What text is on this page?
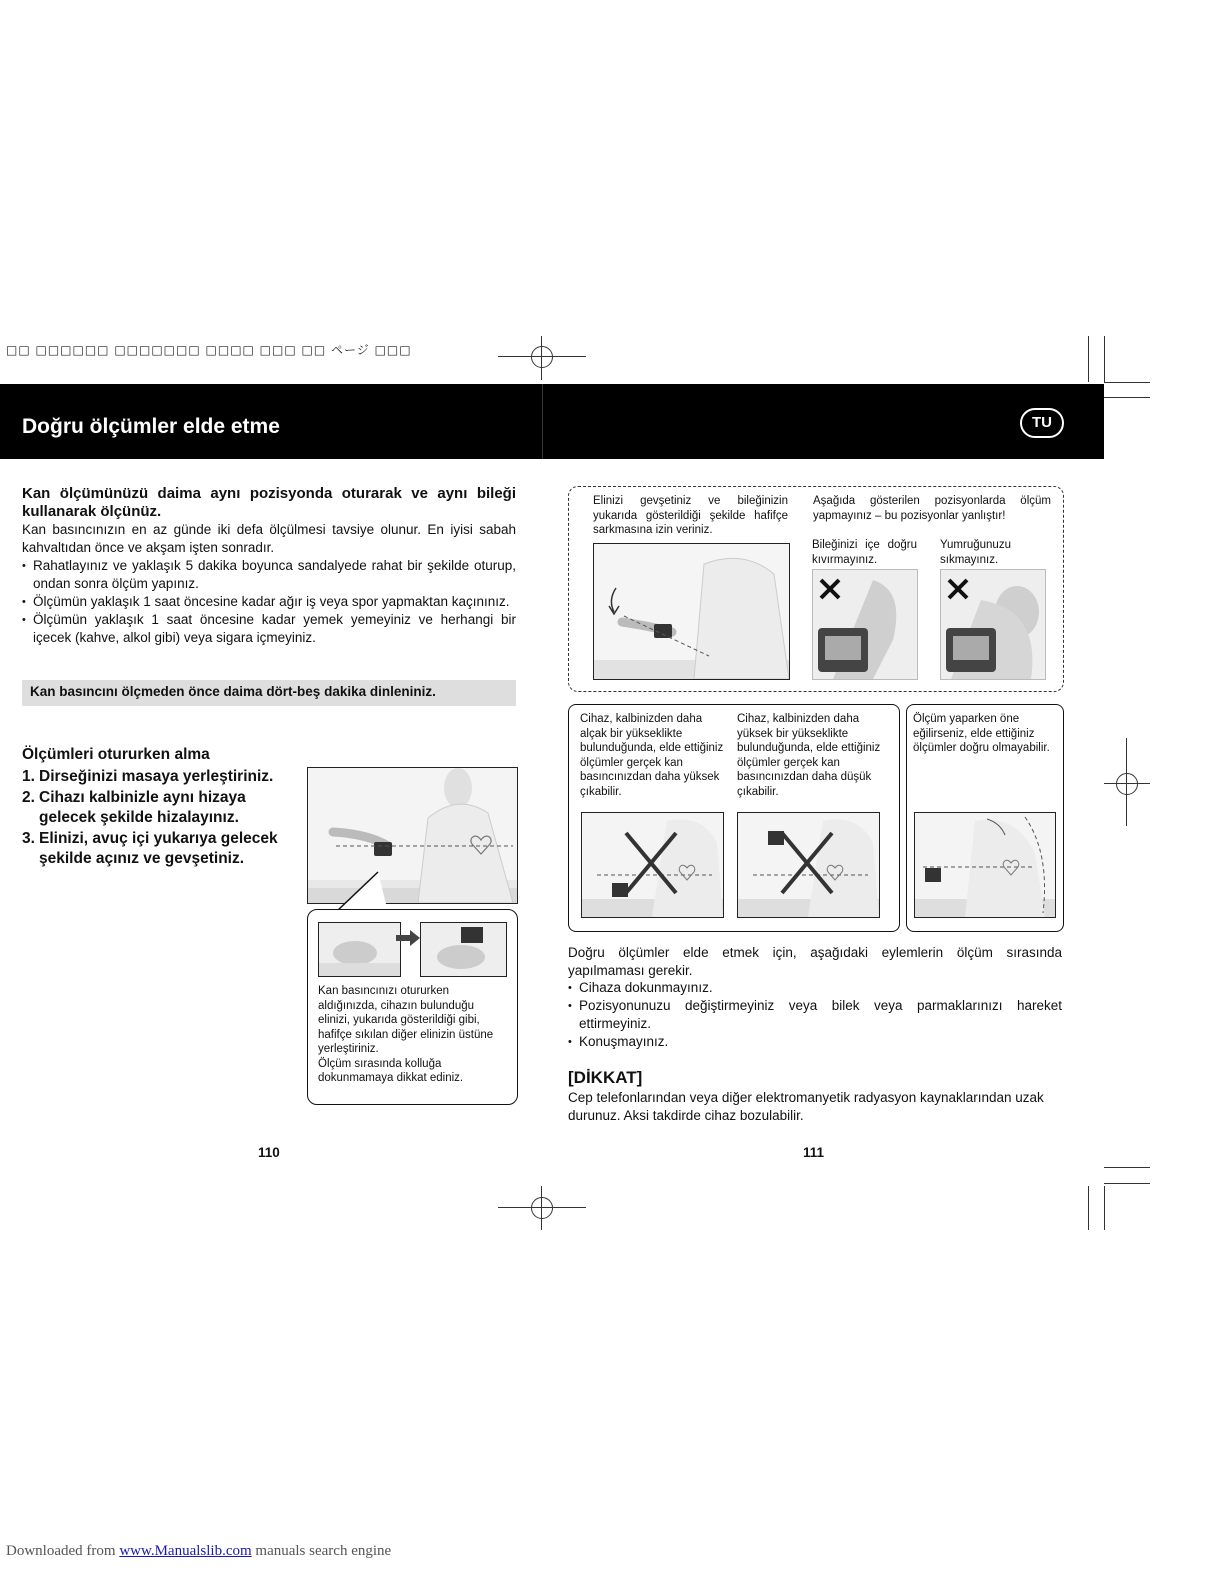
□□ □□□□□□ □□□□□□□ □□□□ □□□ □□ ページ □□□
Doğru ölçümler elde etme	TU
Kan ölçümünüzü daima aynı pozisyonda oturarak ve aynı bileği kullanarak ölçünüz.
Kan basıncınızın en az günde iki defa ölçülmesi tavsiye olunur. En iyisi sabah kahvaltıdan önce ve akşam işten sonradır.
• Rahatlayınız ve yaklaşık 5 dakika boyunca sandalyede rahat bir şekilde oturup, ondan sonra ölçüm yapınız.
• Ölçümün yaklaşık 1 saat öncesine kadar ağır iş veya spor yapmaktan kaçınınız.
• Ölçümün yaklaşık 1 saat öncesine kadar yemek yemeyiniz ve herhangi bir içecek (kahve, alkol gibi) veya sigara içmeyiniz.
Kan basıncını ölçmeden önce daima dört-beş dakika dinleniniz.
Ölçümleri otururken alma
1. Dirseğinizi masaya yerleştiriniz.
2. Cihazı kalbinizle aynı hizaya gelecek şekilde hizalayınız.
3. Elinizi, avuç içi yukarıya gelecek şekilde açınız ve gevşetiniz.
Kan basıncınızı otururken aldığınızda, cihazın bulunduğu elinizi, yukarıda gösterildiği gibi, hafifçe sıkılan diğer elinizin üstüne yerleştiriniz.
Ölçüm sırasında kolluğa dokunmamaya dikkat ediniz.
110
Elinizi gevşetiniz ve bileğinizin yukarıda gösterildiği şekilde hafifçe sarkmasına izin veriniz.
Aşağıda gösterilen pozisyonlarda ölçüm yapmayınız – bu pozisyonlar yanlıştır!
Bileğinizi içe doğru kıvırmayınız.
Yumruğunuzu sıkmayınız.
Cihaz, kalbinizden daha alçak bir yükseklikte bulunduğunda, elde ettiğiniz ölçümler gerçek kan basıncınızdan daha yüksek çıkabilir.
Cihaz, kalbinizden daha yüksek bir yükseklikte bulunduğunda, elde ettiğiniz ölçümler gerçek kan basıncınızdan daha düşük çıkabilir.
Ölçüm yaparken öne eğilirseniz, elde ettiğiniz ölçümler doğru olmayabilir.
Doğru ölçümler elde etmek için, aşağıdaki eylemlerin ölçüm sırasında yapılmaması gerekir.
• Cihaza dokunmayınız.
• Pozisyonunuzu değiştirmeyiniz veya bilek veya parmaklarınızı hareket ettirmeyiniz.
• Konuşmayınız.
[DİKKAT]
Cep telefonlarından veya diğer elektromanyetik radyasyon kaynaklarından uzak durunuz. Aksi takdirde cihaz bozulabilir.
111
Downloaded from www.Manualslib.com manuals search engine
